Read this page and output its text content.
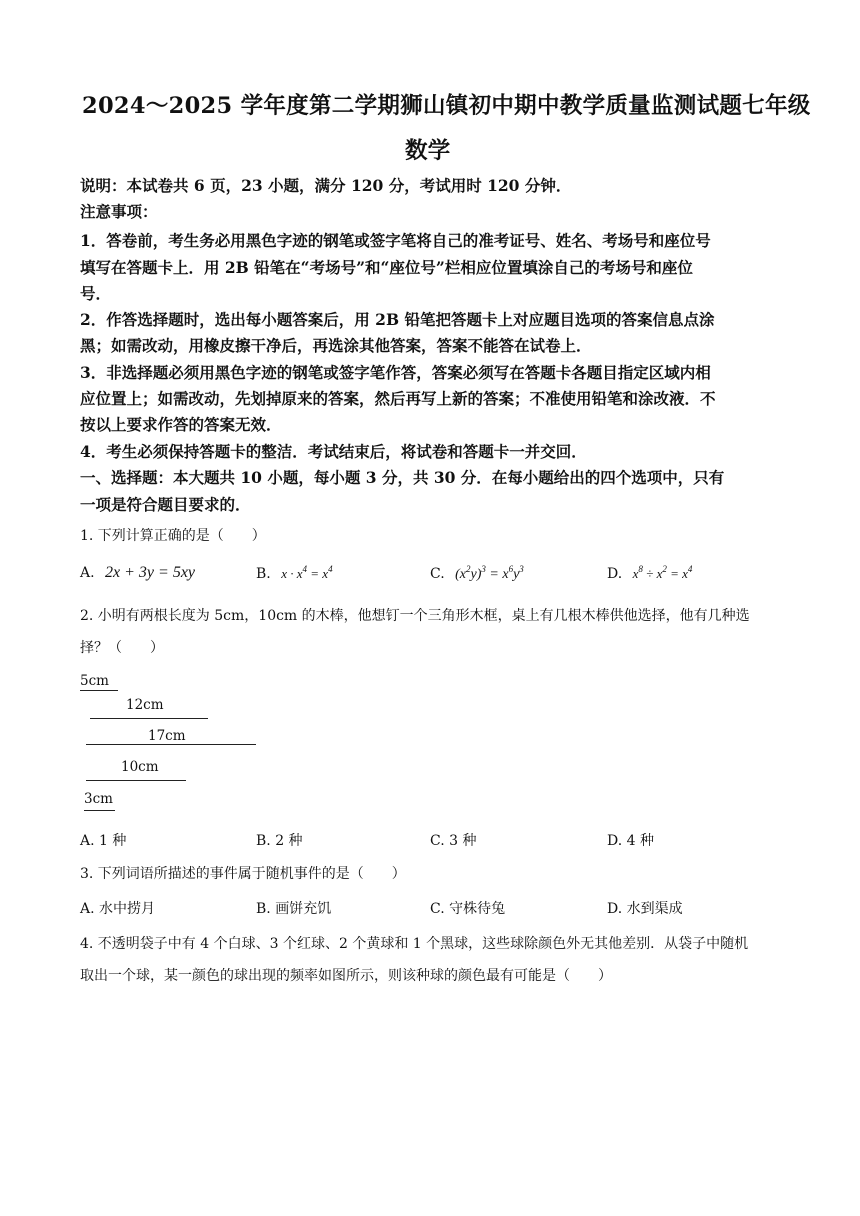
2024～2025 学年度第二学期狮山镇初中期中教学质量监测试题七年级
数学
说明：本试卷共 6 页，23 小题，满分 120 分，考试用时 120 分钟．
注意事项：
1．答卷前，考生务必用黑色字迹的钢笔或签字笔将自己的准考证号、姓名、考场号和座位号
填写在答题卡上．用 2B 铅笔在“考场号”和“座位号”栏相应位置填涂自己的考场号和座位
号．
2．作答选择题时，选出每小题答案后，用 2B 铅笔把答题卡上对应题目选项的答案信息点涂
黑；如需改动，用橡皮擦干净后，再选涂其他答案，答案不能答在试卷上．
3．非选择题必须用黑色字迹的钢笔或签字笔作答，答案必须写在答题卡各题目指定区域内相
应位置上；如需改动，先划掉原来的答案，然后再写上新的答案；不准使用铅笔和涂改液．不
按以上要求作答的答案无效．
4．考生必须保持答题卡的整洁．考试结束后，将试卷和答题卡一并交回．
一、选择题：本大题共 10 小题，每小题 3 分，共 30 分．在每小题给出的四个选项中，只有
一项是符合题目要求的．
1. 下列计算正确的是（　　）
A. 2x + 3y = 5xy	B. $x \cdot x^4 = x^4$	C. $(x^2y)^3 = x^6y^3$	D. $x^8 \div x^2 = x^4$
2. 小明有两根长度为 5cm，10cm 的木棒，他想钉一个三角形木框，桌上有几根木棒供他选择，他有几种选
择？（　　）
5cm
12cm
17cm
10cm
3cm
A. 1 种	B. 2 种	C. 3 种	D. 4 种
3. 下列词语所描述的事件属于随机事件的是（　　）
A. 水中捞月	B. 画饼充饥	C. 守株待兔	D. 水到渠成
4. 不透明袋子中有 4 个白球、3 个红球、2 个黄球和 1 个黑球，这些球除颜色外无其他差别．从袋子中随机
取出一个球，某一颜色的球出现的频率如图所示，则该种球的颜色最有可能是（　　）
